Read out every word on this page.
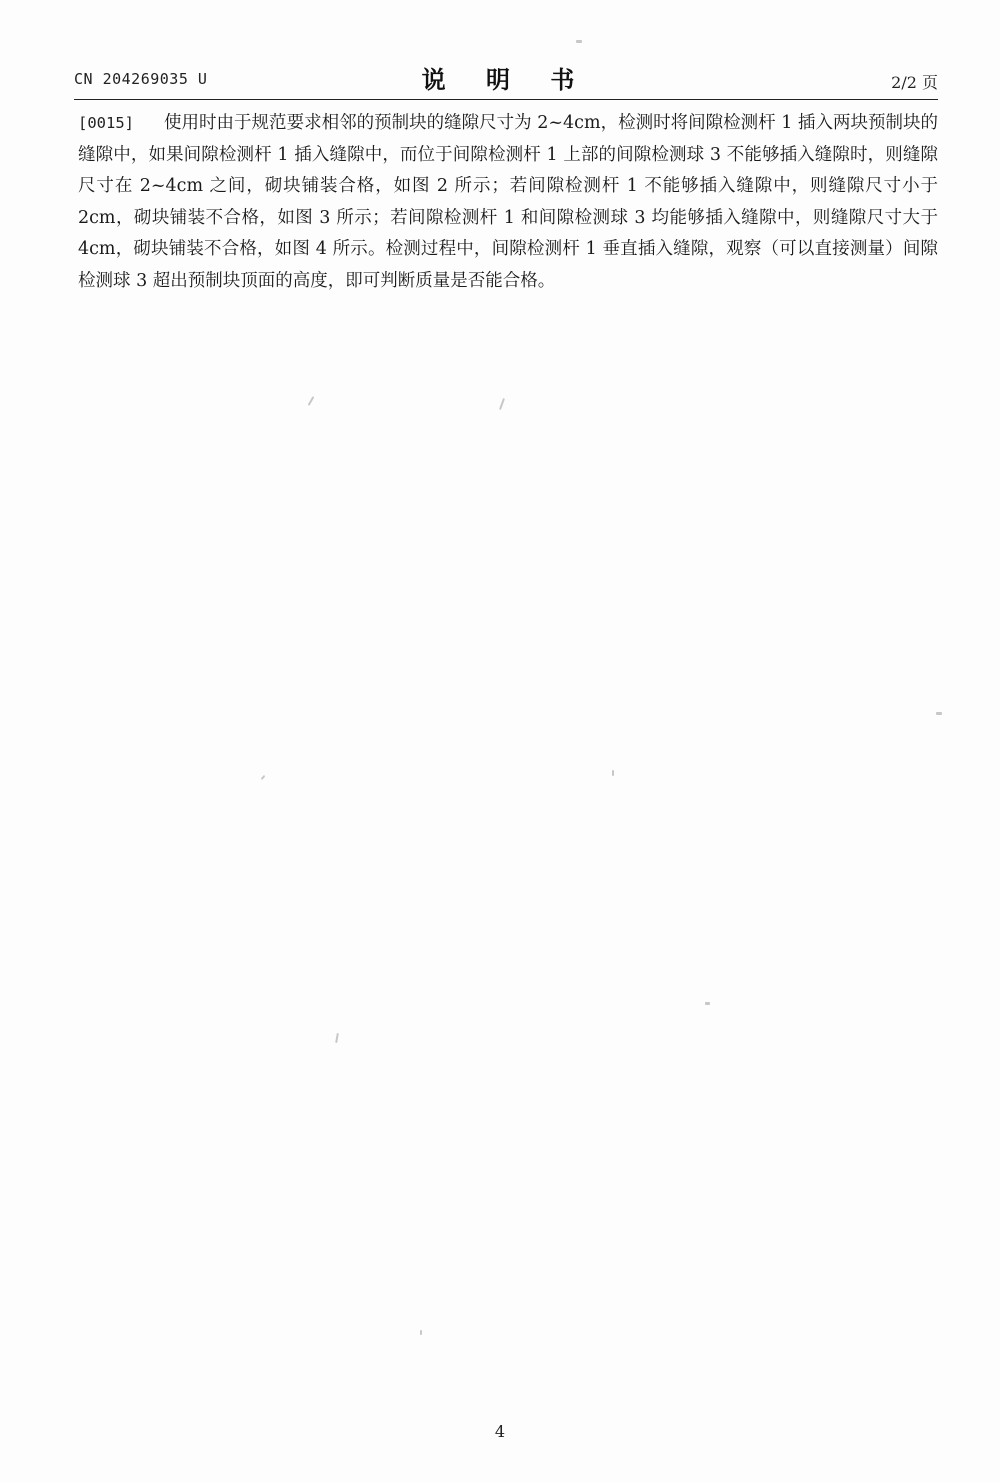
CN 204269035 U	说 明 书	2/2 页

[0015] 使用时由于规范要求相邻的预制块的缝隙尺寸为 2~4cm，检测时将间隙检测杆 1 插入两块预制块的缝隙中，如果间隙检测杆 1 插入缝隙中，而位于间隙检测杆 1 上部的间隙检测球 3 不能够插入缝隙时，则缝隙尺寸在 2~4cm 之间，砌块铺装合格，如图 2 所示；若间隙检测杆 1 不能够插入缝隙中，则缝隙尺寸小于 2cm，砌块铺装不合格，如图 3 所示；若间隙检测杆 1 和间隙检测球 3 均能够插入缝隙中，则缝隙尺寸大于 4cm，砌块铺装不合格，如图 4 所示。检测过程中，间隙检测杆 1 垂直插入缝隙，观察（可以直接测量）间隙检测球 3 超出预制块顶面的高度，即可判断质量是否能合格。

4
